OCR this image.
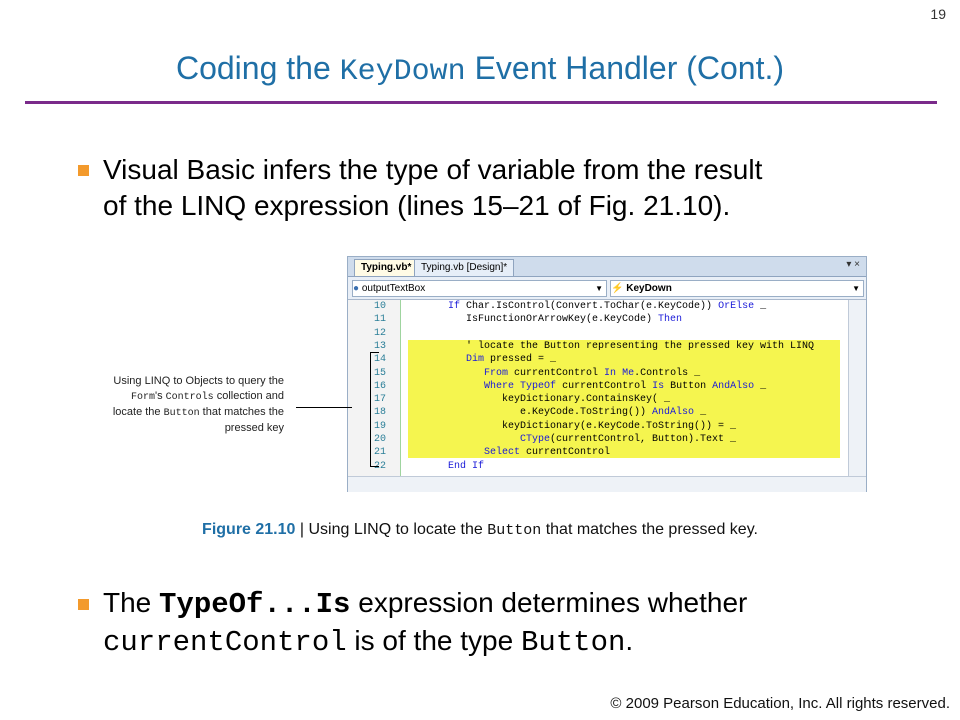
19
Coding the KeyDown Event Handler (Cont.)
Visual Basic infers the type of variable from the result
of the LINQ expression (lines 15–21 of Fig. 21.10).
Typing.vb* Typing.vb [Design]*	▾ ×
● outputTextBox	▼ ⚡ KeyDown	▼
10	If Char.IsControl(Convert.ToChar(e.KeyCode)) OrElse _
11	IsFunctionOrArrowKey(e.KeyCode) Then
12
13	' locate the Button representing the pressed key with LINQ
14	Dim pressed = _
15	From currentControl In Me.Controls _
16	Where TypeOf currentControl Is Button AndAlso _
17	keyDictionary.ContainsKey( _
18	e.KeyCode.ToString()) AndAlso _
19	keyDictionary(e.KeyCode.ToString()) = _
20	CType(currentControl, Button).Text _
21	Select currentControl
22	End If
Using LINQ to Objects to query the
Form's Controls collection and
locate the Button that matches the
pressed key
Figure 21.10 | Using LINQ to locate the Button that matches the pressed key.
The TypeOf...Is expression determines whether
currentControl is of the type Button.
© 2009 Pearson Education, Inc. All rights reserved.
